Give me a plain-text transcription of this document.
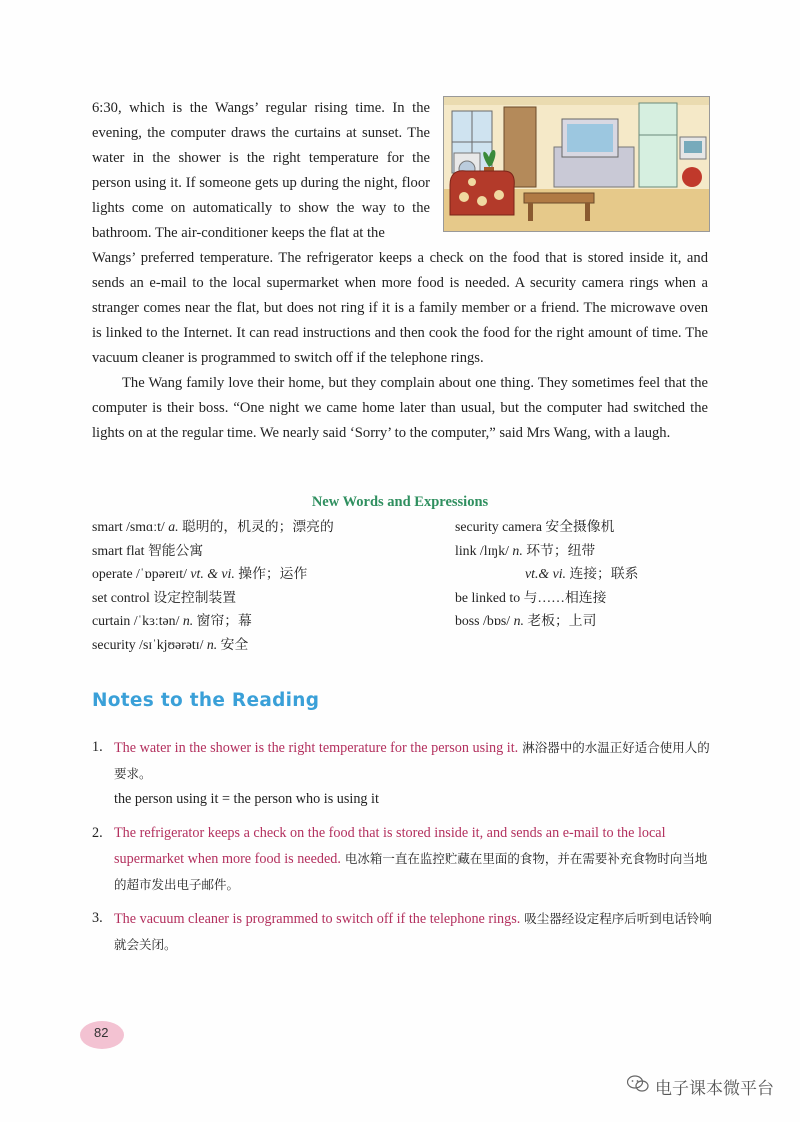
6:30, which is the Wangs’ regular rising time. In the evening, the computer draws the curtains at sunset. The water in the shower is the right temperature for the person using it. If someone gets up during the night, floor lights come on automatically to show the way to the bathroom. The air-conditioner keeps the flat at the

Wangs’ preferred temperature. The refrigerator keeps a check on the food that is stored inside it, and sends an e-mail to the local supermarket when more food is needed. A security camera rings when a stranger comes near the flat, but does not ring if it is a family member or a friend. The microwave oven is linked to the Internet. It can read instructions and then cook the food for the right amount of time. The vacuum cleaner is programmed to switch off if the telephone rings.

The Wang family love their home, but they complain about one thing. They sometimes feel that the computer is their boss. “One night we came home later than usual, but the computer had switched the lights on at the regular time. We nearly said ‘Sorry’ to the computer,” said Mrs Wang, with a laugh.

New Words and Expressions
smart /smɑːt/ a. 聪明的，机灵的；漂亮的
smart flat 智能公寓
operate /ˈɒpəreɪt/ vt. & vi. 操作；运作
set control 设定控制装置
curtain /ˈkɜːtən/ n. 窗帘；幕
security /sɪˈkjʊərətɪ/ n. 安全
security camera 安全摄像机
link /lɪŋk/ n. 环节；纽带
vt.& vi. 连接；联系
be linked to 与……相连接
boss /bɒs/ n. 老板；上司
Notes to the Reading
1. The water in the shower is the right temperature for the person using it. 淋浴器中的水温正好适合使用人的要求。
the person using it = the person who is using it
2. The refrigerator keeps a check on the food that is stored inside it, and sends an e-mail to the local supermarket when more food is needed. 电冰箱一直在监控贮藏在里面的食物，并在需要补充食物时向当地的超市发出电子邮件。
3. The vacuum cleaner is programmed to switch off if the telephone rings. 吸尘器经设定程序后听到电话铃响就会关闭。
82
电子课本微平台
